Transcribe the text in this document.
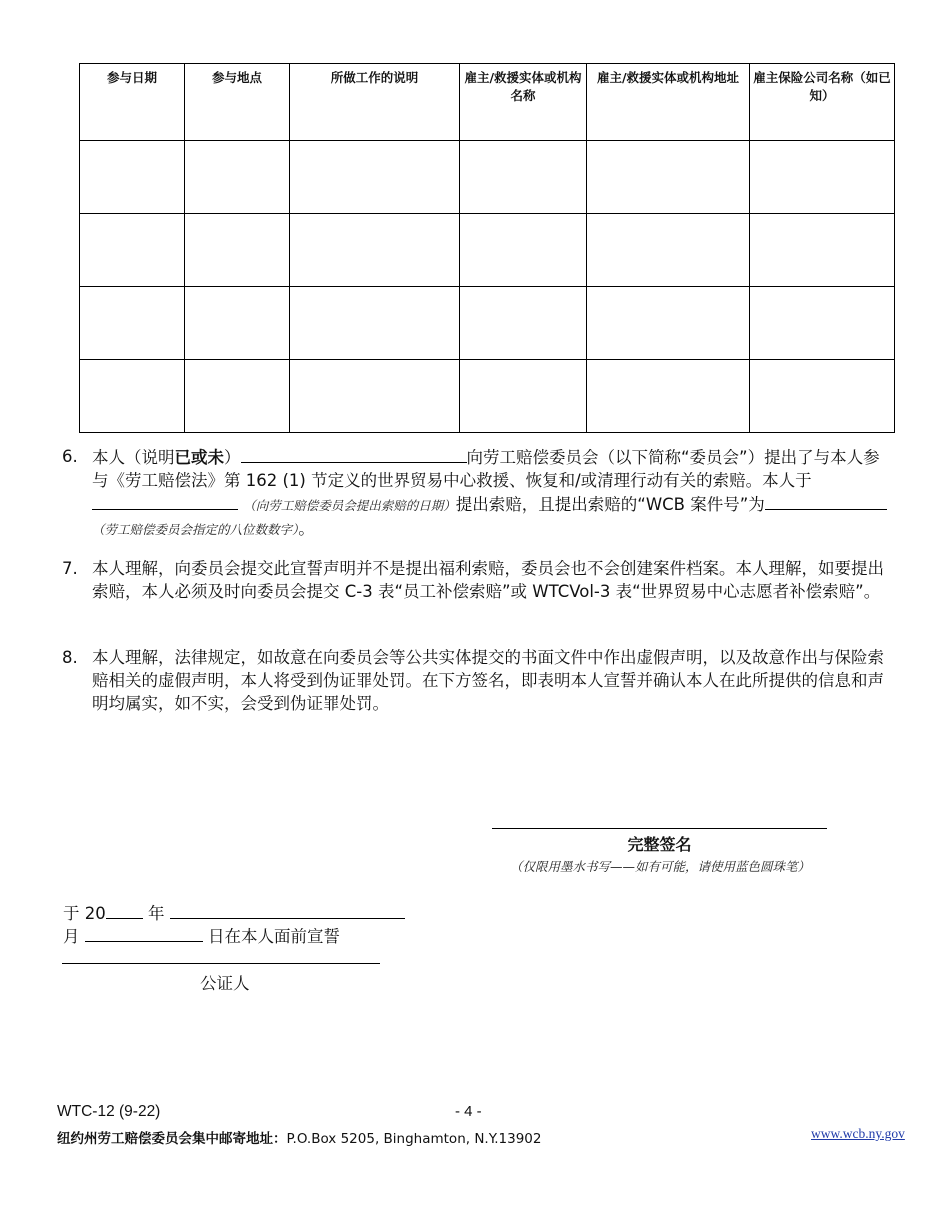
参与日期	参与地点	所做工作的说明	雇主/救援实体或机构名称	雇主/救援实体或机构地址	雇主保险公司名称（如已知）

6. 本人（说明已或未）	向劳工赔偿委员会（以下简称“委员会”）提出了与本人参与《劳工赔偿法》第 162 (1) 节定义的世界贸易中心救援、恢复和/或清理行动有关的索赔。本人于  （向劳工赔偿委员会提出索赔的日期）提出索赔，且提出索赔的“WCB 案件号”为 （劳工赔偿委员会指定的八位数数字）。
7. 本人理解，向委员会提交此宣誓声明并不是提出福利索赔，委员会也不会创建案件档案。本人理解，如要提出索赔，本人必须及时向委员会提交 C-3 表“员工补偿索赔”或 WTCVol-3 表“世界贸易中心志愿者补偿索赔”。
8. 本人理解，法律规定，如故意在向委员会等公共实体提交的书面文件中作出虚假声明，以及故意作出与保险索赔相关的虚假声明，本人将受到伪证罪处罚。在下方签名，即表明本人宣誓并确认本人在此所提供的信息和声明均属实，如不实，会受到伪证罪处罚。
完整签名
（仅限用墨水书写——如有可能，请使用蓝色圆珠笔）
于 20 年
月	日在本人面前宣誓
公证人
WTC-12 (9-22)	- 4 -
纽约州劳工赔偿委员会集中邮寄地址：P.O.Box 5205, Binghamton, N.Y.13902	www.wcb.ny.gov
